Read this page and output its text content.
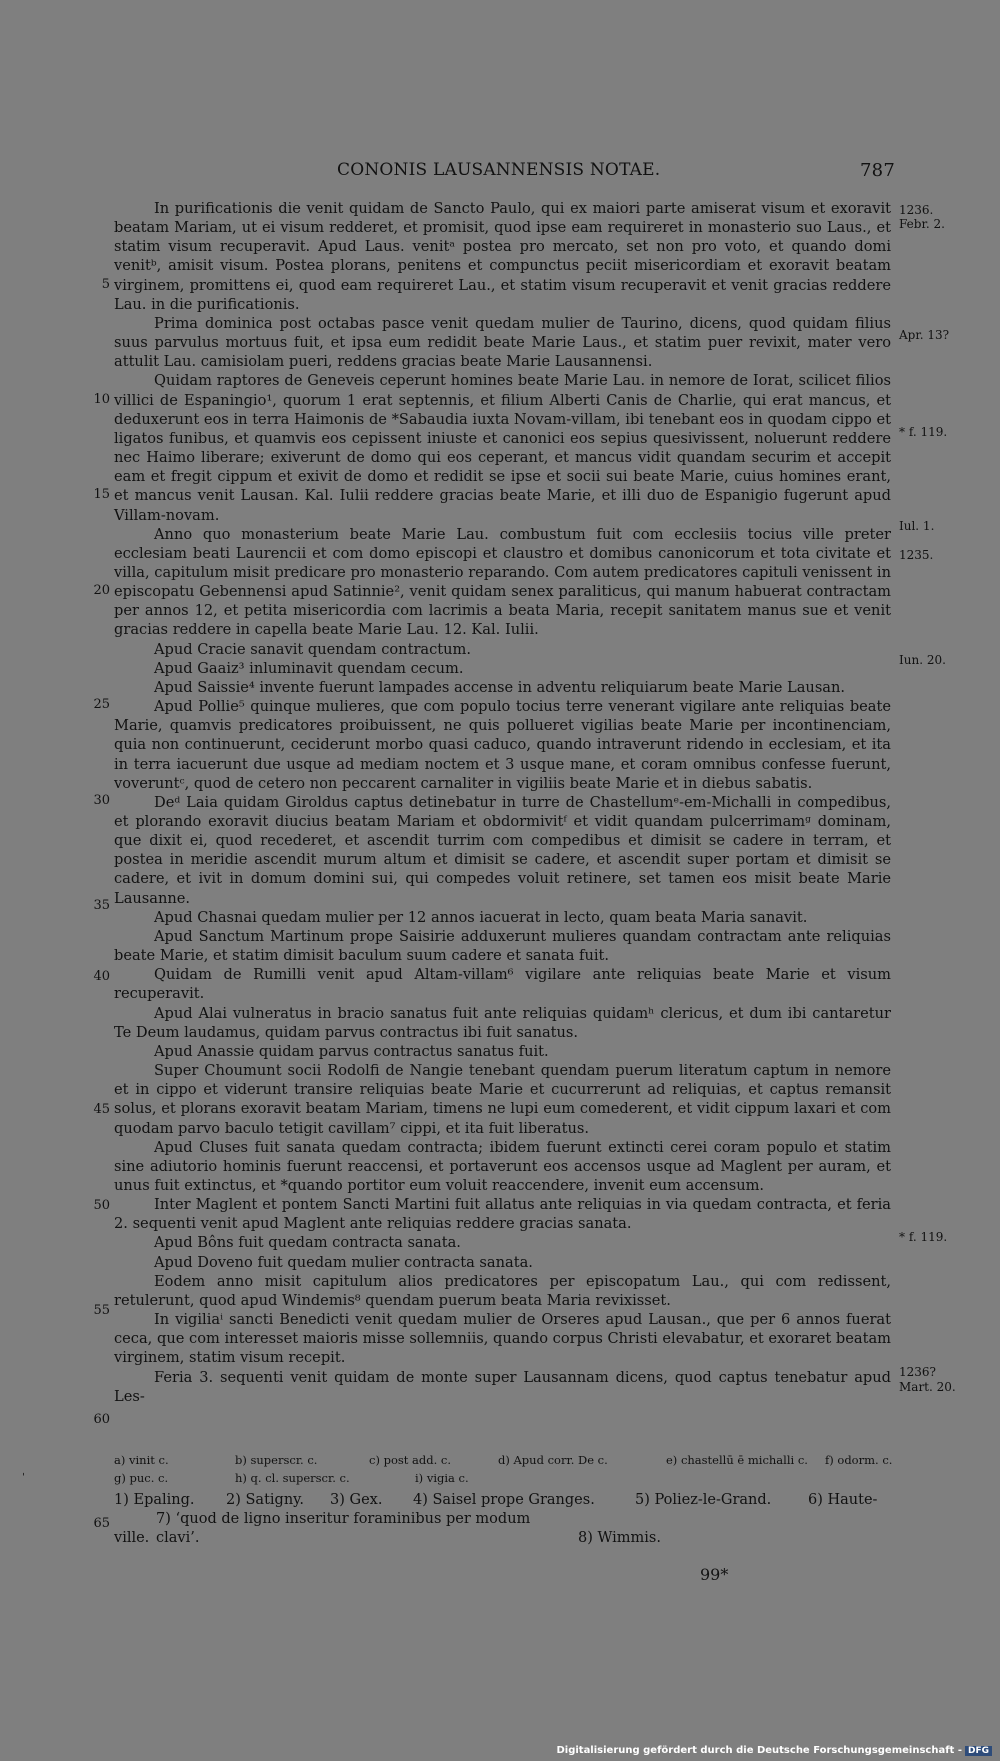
CONONIS LAUSANNENSIS NOTAE.	787
In purificationis die venit quidam de Sancto Paulo, qui ex maiori parte amiserat visum et exoravit beatam Mariam, ut ei visum redderet, et promisit, quod ipse eam requireret in monasterio suo Laus., et statim visum recuperavit. Apud Laus. venitᵃ postea pro mercato, set non pro voto, et quando domi venitᵇ, amisit visum. Postea plorans, penitens et compunctus peciit misericordiam et exoravit beatam virginem, promittens ei, quod eam requireret Lau., et statim visum recuperavit et venit gracias reddere Lau. in die purificationis.
Prima dominica post octabas pasce venit quedam mulier de Taurino, dicens, quod quidam filius suus parvulus mortuus fuit, et ipsa eum redidit beate Marie Laus., et statim puer revixit, mater vero attulit Lau. camisiolam pueri, reddens gracias beate Marie Lausannensi.
Quidam raptores de Geneveis ceperunt homines beate Marie Lau. in nemore de Iorat, scilicet filios villici de Espaningio¹, quorum 1 erat septennis, et filium Alberti Canis de Charlie, qui erat mancus, et deduxerunt eos in terra Haimonis de *Sabaudia iuxta Novam-villam, ibi tenebant eos in quodam cippo et ligatos funibus, et quamvis eos cepissent iniuste et canonici eos sepius quesivissent, noluerunt reddere nec Haimo liberare; exiverunt de domo qui eos ceperant, et mancus vidit quandam securim et accepit eam et fregit cippum et exivit de domo et redidit se ipse et socii sui beate Marie, cuius homines erant, et mancus venit Lausan. Kal. Iulii reddere gracias beate Marie, et illi duo de Espanigio fugerunt apud Villam-novam.
Anno quo monasterium beate Marie Lau. combustum fuit com ecclesiis tocius ville preter ecclesiam beati Laurencii et com domo episcopi et claustro et domibus canonicorum et tota civitate et villa, capitulum misit predicare pro monasterio reparando. Com autem predicatores capituli venissent in episcopatu Gebennensi apud Satinnie², venit quidam senex paraliticus, qui manum habuerat contractam per annos 12, et petita misericordia com lacrimis a beata Maria, recepit sanitatem manus sue et venit gracias reddere in capella beate Marie Lau. 12. Kal. Iulii.
Apud Cracie sanavit quendam contractum.
Apud Gaaiz³ inluminavit quendam cecum.
Apud Saissie⁴ invente fuerunt lampades accense in adventu reliquiarum beate Marie Lausan.
Apud Pollie⁵ quinque mulieres, que com populo tocius terre venerant vigilare ante reliquias beate Marie, quamvis predicatores proibuissent, ne quis pollueret vigilias beate Marie per incontinenciam, quia non continuerunt, ceciderunt morbo quasi caduco, quando intraverunt ridendo in ecclesiam, et ita in terra iacuerunt due usque ad mediam noctem et 3 usque mane, et coram omnibus confesse fuerunt, voveruntᶜ, quod de cetero non peccarent carnaliter in vigiliis beate Marie et in diebus sabatis.
Deᵈ Laia quidam Giroldus captus detinebatur in turre de Chastellumᵉ-em-Michalli in compedibus, et plorando exoravit diucius beatam Mariam et obdormivitᶠ et vidit quandam pulcerrimamᵍ dominam, que dixit ei, quod recederet, et ascendit turrim com compedibus et dimisit se cadere in terram, et postea in meridie ascendit murum altum et dimisit se cadere, et ascendit super portam et dimisit se cadere, et ivit in domum domini sui, qui compedes voluit retinere, set tamen eos misit beate Marie Lausanne.
Apud Chasnai quedam mulier per 12 annos iacuerat in lecto, quam beata Maria sanavit.
Apud Sanctum Martinum prope Saisirie adduxerunt mulieres quandam contractam ante reliquias beate Marie, et statim dimisit baculum suum cadere et sanata fuit.
Quidam de Rumilli venit apud Altam-villam⁶ vigilare ante reliquias beate Marie et visum recuperavit.
Apud Alai vulneratus in bracio sanatus fuit ante reliquias quidamʰ clericus, et dum ibi cantaretur Te Deum laudamus, quidam parvus contractus ibi fuit sanatus.
Apud Anassie quidam parvus contractus sanatus fuit.
Super Choumunt socii Rodolfi de Nangie tenebant quendam puerum literatum captum in nemore et in cippo et viderunt transire reliquias beate Marie et cucurrerunt ad reliquias, et captus remansit solus, et plorans exoravit beatam Mariam, timens ne lupi eum comederent, et vidit cippum laxari et com quodam parvo baculo tetigit cavillam⁷ cippi, et ita fuit liberatus.
Apud Cluses fuit sanata quedam contracta; ibidem fuerunt extincti cerei coram populo et statim sine adiutorio hominis fuerunt reaccensi, et portaverunt eos accensos usque ad Maglent per auram, et unus fuit extinctus, et *quando portitor eum voluit reaccendere, invenit eum accensum.
Inter Maglent et pontem Sancti Martini fuit allatus ante reliquias in via quedam contracta, et feria 2. sequenti venit apud Maglent ante reliquias reddere gracias sanata.
Apud Bôns fuit quedam contracta sanata.
Apud Doveno fuit quedam mulier contracta sanata.
Eodem anno misit capitulum alios predicatores per episcopatum Lau., qui com redissent, retulerunt, quod apud Windemis⁸ quendam puerum beata Maria revixisset.
In vigiliaⁱ sancti Benedicti venit quedam mulier de Orseres apud Lausan., que per 6 annos fuerat ceca, que com interesset maioris misse sollemniis, quando corpus Christi elevabatur, et exoraret beatam virginem, statim visum recepit.
Feria 3. sequenti venit quidam de monte super Lausannam dicens, quod captus tenebatur apud Les-
5
10
15
20
25
30
35
40
45
50
55
60
65
1236.
Febr. 2.
Apr. 13?
* f. 119.
Iul. 1.
1235.
Iun. 20.
* f. 119.
1236?
Mart. 20.
ˌ
a) vinit c.	b) superscr. c.	c) post add. c.	d) Apud corr. De c.	e) chastellū ē michalli c. f) odorm. c.
g) puc. c.	h) q. cl. superscr. c.	i) vigia c.
1) Epaling. 2) Satigny. 3) Gex. 4) Saisel prope Granges.	5) Poliez-le-Grand.	6) Haute-
ville.7) ‘quod de ligno inseritur foraminibus per modum clavi’.	8) Wimmis.
99*
Digitalisierung gefördert durch die Deutsche Forschungsgemeinschaft - DFG
